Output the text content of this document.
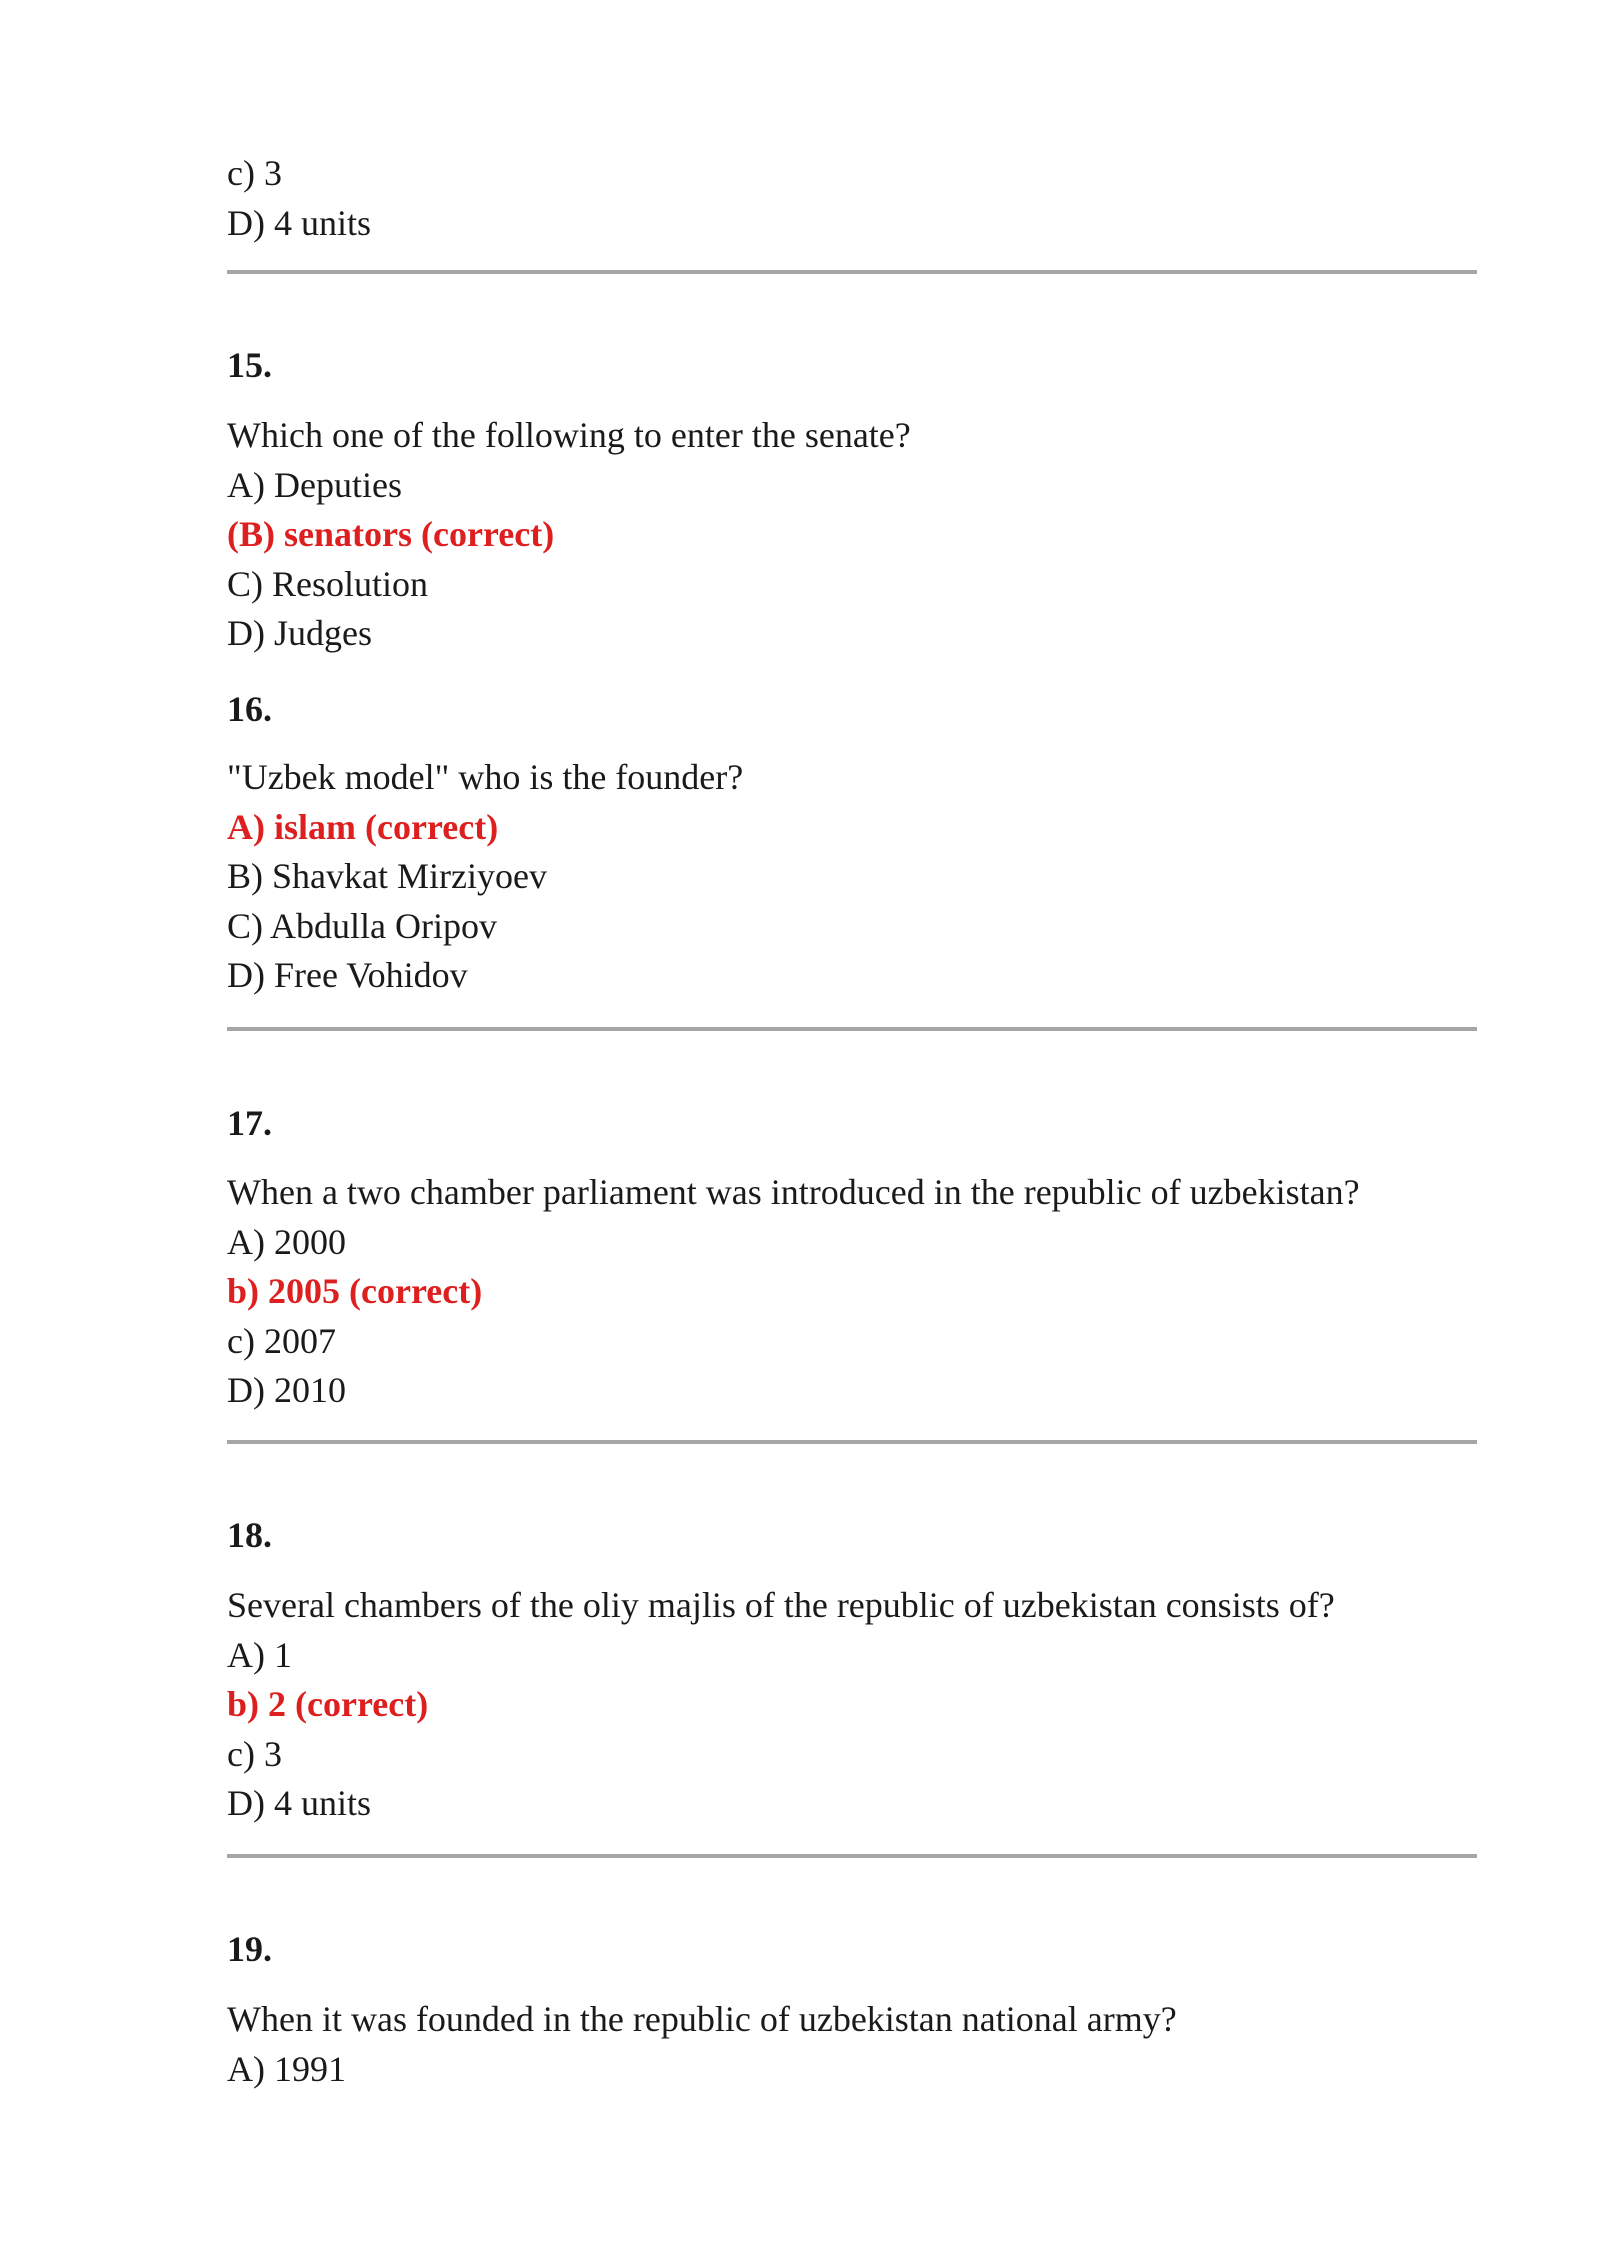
c) 3
D) 4 units
15.
Which one of the following to enter the senate?
A) Deputies
(B) senators (correct)
C) Resolution
D) Judges
16.
"Uzbek model" who is the founder?
A) islam (correct)
B) Shavkat Mirziyoev
C) Abdulla Oripov
D) Free Vohidov
17.
When a two chamber parliament was introduced in the republic of uzbekistan?
A) 2000
b) 2005 (correct)
c) 2007
D) 2010
18.
Several chambers of the oliy majlis of the republic of uzbekistan consists of?
A) 1
b) 2 (correct)
c) 3
D) 4 units
19.
When it was founded in the republic of uzbekistan national army?
A) 1991
